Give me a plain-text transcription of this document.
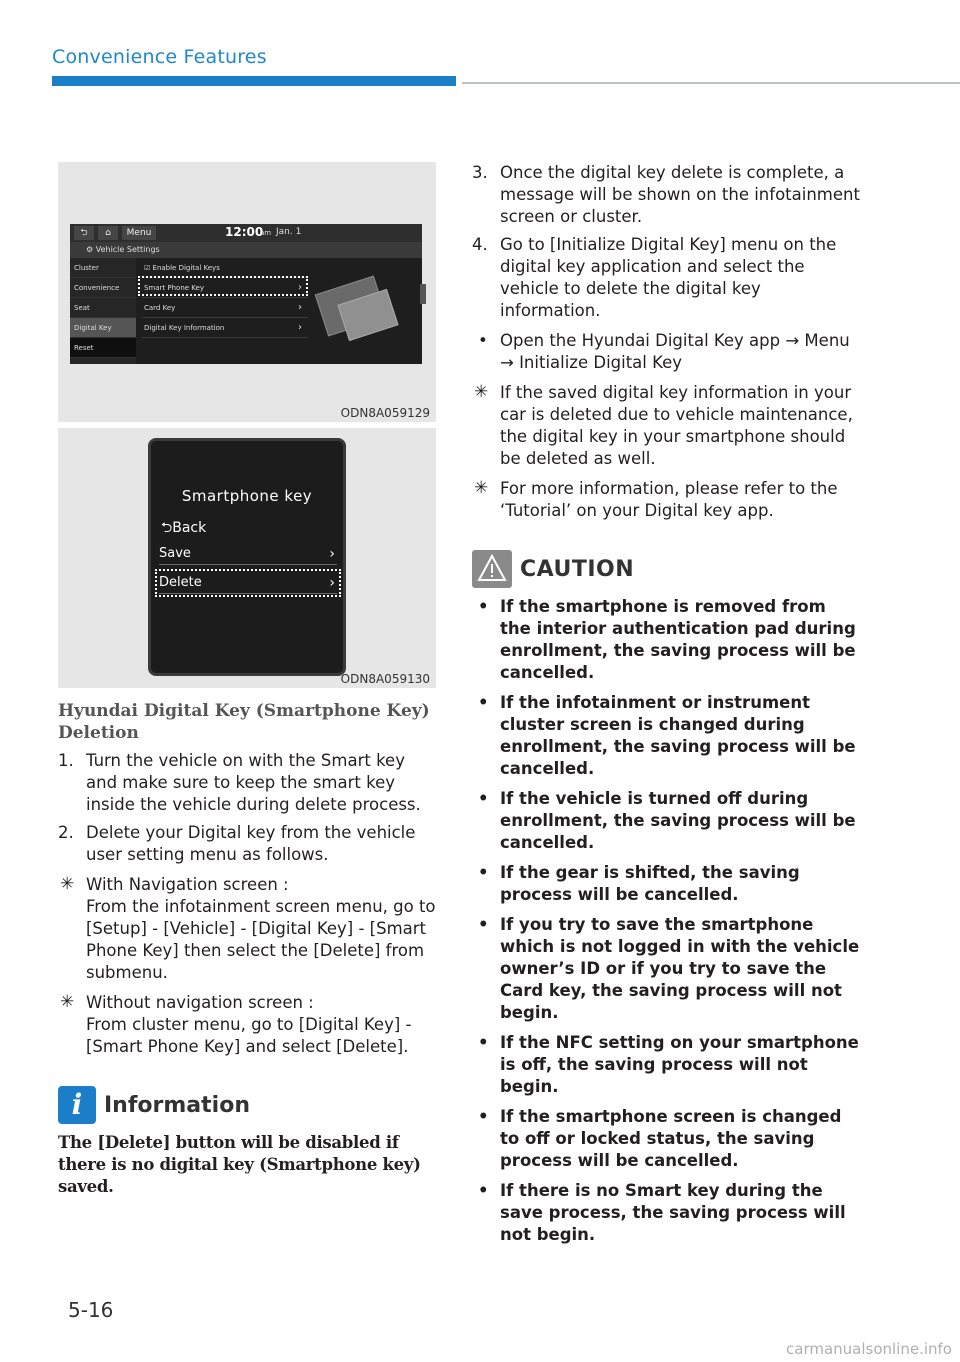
Convenience Features
⮌	⌂	Menu	12:00
am Jan. 1
⚙ Vehicle Settings
Cluster
Convenience
Seat
Digital Key
Reset
☑ Enable Digital Keys
Smart Phone Key	›
Card Key	›
Digital Key Information	›
ODN8A059129
Smartphone key
⮌Back
Save	›
Delete	›
ODN8A059130
Hyundai Digital Key (Smartphone Key) Deletion
1. Turn the vehicle on with the Smart key and make sure to keep the smart key inside the vehicle during delete process.
2. Delete your Digital key from the vehicle user setting menu as follows.
✳ With Navigation screen :
From the infotainment screen menu, go to [Setup] - [Vehicle] - [Digital Key] - [Smart Phone Key] then select the [Delete] from submenu.
✳ Without navigation screen :
From cluster menu, go to [Digital Key] - [Smart Phone Key] and select [Delete].
i Information
The [Delete] button will be disabled if there is no digital key (Smartphone key) saved.
3. Once the digital key delete is complete, a message will be shown on the infotainment screen or cluster.
4. Go to [Initialize Digital Key] menu on the digital key application and select the vehicle to delete the digital key information.
• Open the Hyundai Digital Key app → Menu → Initialize Digital Key
✳ If the saved digital key information in your car is deleted due to vehicle maintenance, the digital key in your smartphone should be deleted as well.
✳ For more information, please refer to the ‘Tutorial’ on your Digital key app.
CAUTION
• If the smartphone is removed from the interior authentication pad during enrollment, the saving process will be cancelled.
• If the infotainment or instrument cluster screen is changed during enrollment, the saving process will be cancelled.
• If the vehicle is turned off during enrollment, the saving process will be cancelled.
• If the gear is shifted, the saving process will be cancelled.
• If you try to save the smartphone which is not logged in with the vehicle owner’s ID or if you try to save the Card key, the saving process will not begin.
• If the NFC setting on your smartphone is off, the saving process will not begin.
• If the smartphone screen is changed to off or locked status, the saving process will be cancelled.
• If there is no Smart key during the save process, the saving process will not begin.
5-16
carmanualsonline.info
